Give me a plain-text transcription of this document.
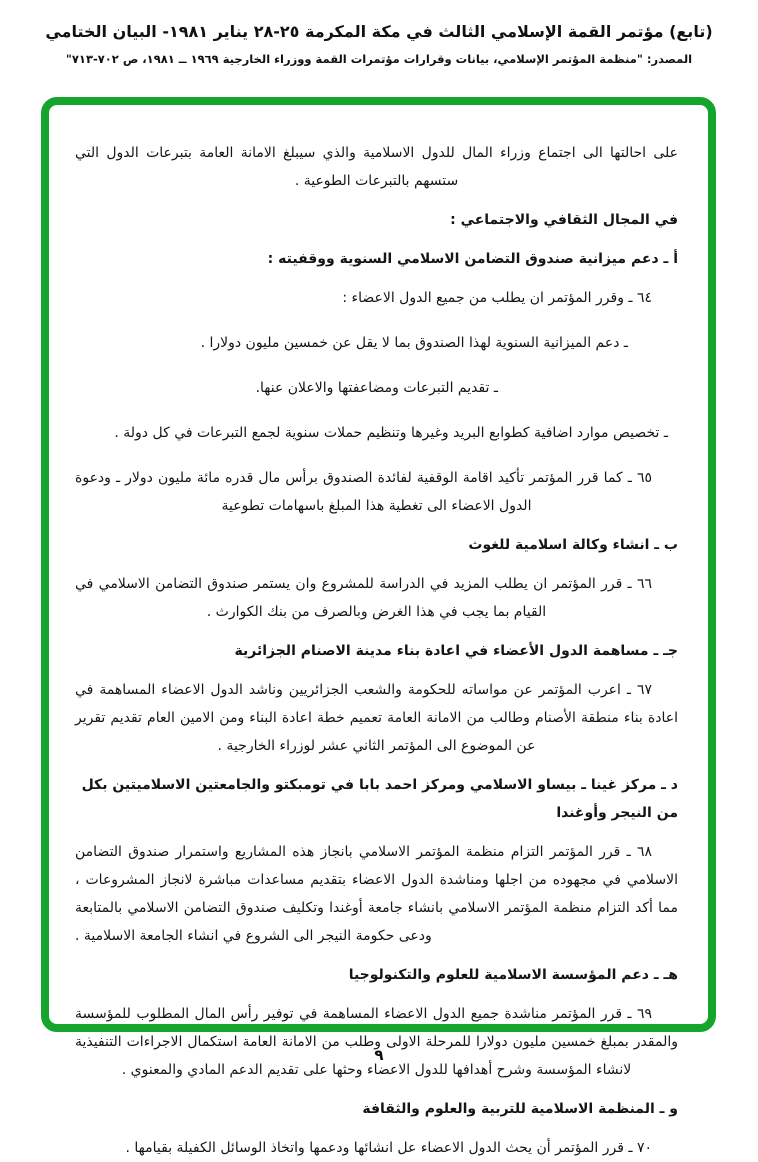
(تابع) مؤتمر القمة الإسلامي الثالث في مكة المكرمة ٢٥-٢٨ يناير ١٩٨١- البيان الختامي
المصدر: "منظمة المؤتمر الإسلامي، بيانات وقرارات مؤتمرات القمة ووزراء الخارجية ١٩٦٩ ــ ١٩٨١، ص ٧٠٢-٧١٣"

على احالتها الى اجتماع وزراء المال للدول الاسلامية والذي سيبلغ الامانة العامة بتبرعات الدول التي ستسهم بالتبرعات الطوعية .

في المجال الثقافي والاجتماعي :

أ ـ دعم ميزانية صندوق التضامن الاسلامي السنوية ووقفيته :

٦٤ ـ وقرر المؤتمر ان يطلب من جميع الدول الاعضاء :

ـ دعم الميزانية السنوية لهذا الصندوق بما لا يقل عن خمسين مليون دولارا .

ـ تقديم التبرعات ومضاعفتها والاعلان عنها.

ـ تخصيص موارد اضافية كطوابع البريد وغيرها وتنظيم حملات سنوية لجمع التبرعات في كل دولة .

٦٥ ـ كما قرر المؤتمر تأكيد اقامة الوقفية لفائدة الصندوق برأس مال قدره مائة مليون دولار ـ ودعوة الدول الاعضاء الى تغطية هذا المبلغ باسهامات تطوعية

ب ـ انشاء وكالة اسلامية للغوث

٦٦ ـ قرر المؤتمر ان يطلب المزيد في الدراسة للمشروع وان يستمر صندوق التضامن الاسلامي في القيام بما يجب في هذا الغرض وبالصرف من بنك الكوارث .

جـ ـ مساهمة الدول الأعضاء في اعادة بناء مدينة الاصنام الجزائرية

٦٧ ـ اعرب المؤتمر عن مواساته للحكومة والشعب الجزائريين وناشد الدول الاعضاء المساهمة في اعادة بناء منطقة الأصنام وطالب من الامانة العامة تعميم خطة اعادة البناء ومن الامين العام تقديم تقرير عن الموضوع الى المؤتمر الثاني عشر لوزراء الخارجية .

د ـ مركز غينا ـ بيساو الاسلامي ومركز احمد بابا في تومبكتو والجامعتين الاسلاميتين بكل من النيجر وأوغندا

٦٨ ـ قرر المؤتمر التزام منظمة المؤتمر الاسلامي بانجاز هذه المشاريع واستمرار صندوق التضامن الاسلامي في مجهوده من اجلها ومناشدة الدول الاعضاء بتقديم مساعدات مباشرة لانجاز المشروعات ، مما أكد التزام منظمة المؤتمر الاسلامي بانشاء جامعة أوغندا وتكليف صندوق التضامن الاسلامي بالمتابعة ودعى حكومة النيجر الى الشروع في انشاء الجامعة الاسلامية .

هـ ـ دعم المؤسسة الاسلامية للعلوم والتكنولوجيا

٦٩ ـ قرر المؤتمر مناشدة جميع الدول الاعضاء المساهمة في توفير رأس المال المطلوب للمؤسسة والمقدر بمبلغ خمسين مليون دولارا للمرحلة الاولى وطلب من الامانة العامة استكمال الاجراءات التنفيذية لانشاء المؤسسة وشرح أهدافها للدول الاعضاء وحثها على تقديم الدعم المادي والمعنوي .

و ـ المنظمة الاسلامية للتربية والعلوم والثقافة

٧٠ ـ قرر المؤتمر أن يحث الدول الاعضاء عل انشائها ودعمها واتخاذ الوسائل الكفيلة بقيامها .

٩
